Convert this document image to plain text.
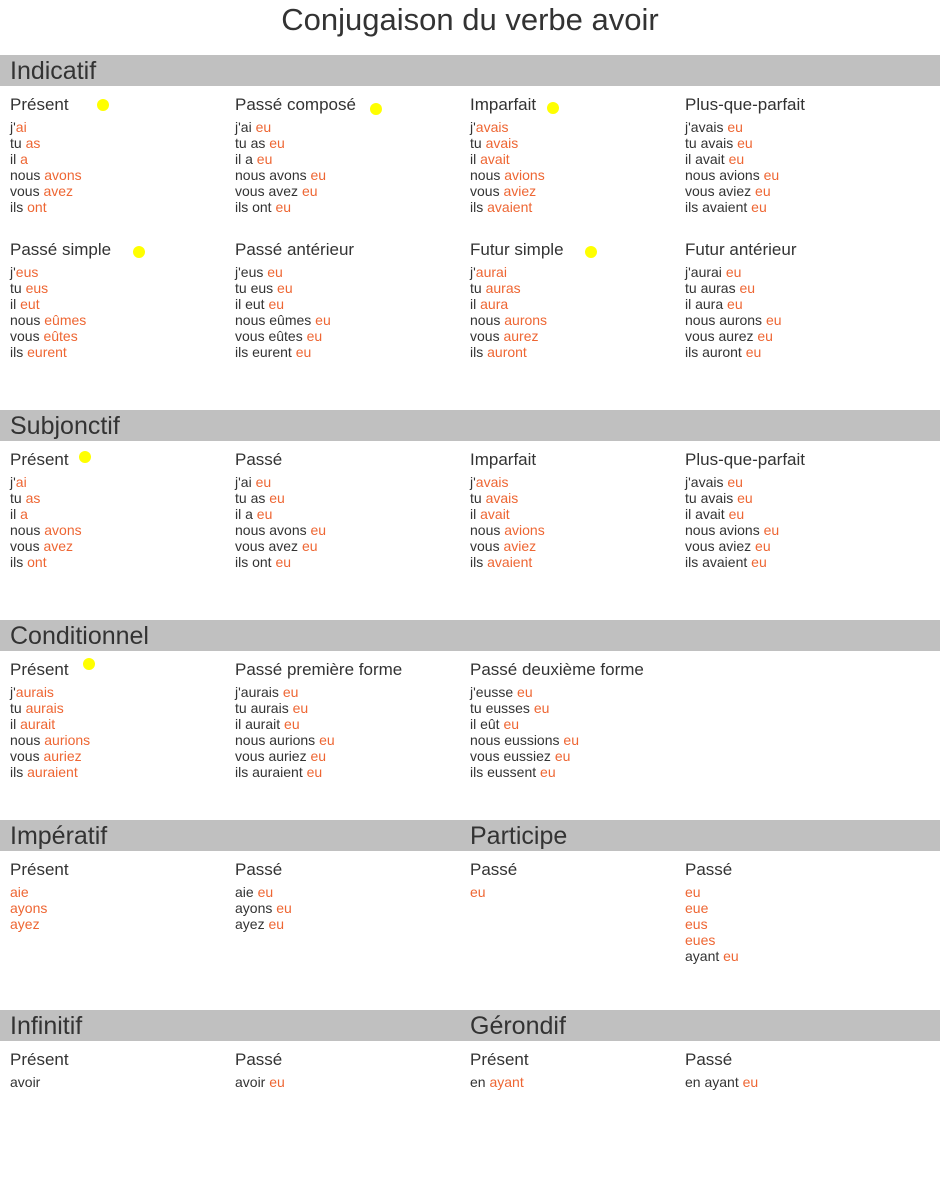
Conjugaison du verbe avoir
Indicatif
Présent
j'ai
tu as
il a
nous avons
vous avez
ils ont
Passé composé
j'ai eu
tu as eu
il a eu
nous avons eu
vous avez eu
ils ont eu
Imparfait
j'avais
tu avais
il avait
nous avions
vous aviez
ils avaient
Plus-que-parfait
j'avais eu
tu avais eu
il avait eu
nous avions eu
vous aviez eu
ils avaient eu
Passé simple
j'eus
tu eus
il eut
nous eûmes
vous eûtes
ils eurent
Passé antérieur
j'eus eu
tu eus eu
il eut eu
nous eûmes eu
vous eûtes eu
ils eurent eu
Futur simple
j'aurai
tu auras
il aura
nous aurons
vous aurez
ils auront
Futur antérieur
j'aurai eu
tu auras eu
il aura eu
nous aurons eu
vous aurez eu
ils auront eu
Subjonctif
Présent
j'ai
tu as
il a
nous avons
vous avez
ils ont
Passé
j'ai eu
tu as eu
il a eu
nous avons eu
vous avez eu
ils ont eu
Imparfait
j'avais
tu avais
il avait
nous avions
vous aviez
ils avaient
Plus-que-parfait
j'avais eu
tu avais eu
il avait eu
nous avions eu
vous aviez eu
ils avaient eu
Conditionnel
Présent
j'aurais
tu aurais
il aurait
nous aurions
vous auriez
ils auraient
Passé première forme
j'aurais eu
tu aurais eu
il aurait eu
nous aurions eu
vous auriez eu
ils auraient eu
Passé deuxième forme
j'eusse eu
tu eusses eu
il eût eu
nous eussions eu
vous eussiez eu
ils eussent eu
Impératif	Participe
Présent
aie
ayons
ayez
Passé
aie eu
ayons eu
ayez eu
Passé
eu
Passé
eu
eue
eus
eues
ayant eu
Infinitif	Gérondif
Présent
avoir
Passé
avoir eu
Présent
en ayant
Passé
en ayant eu
